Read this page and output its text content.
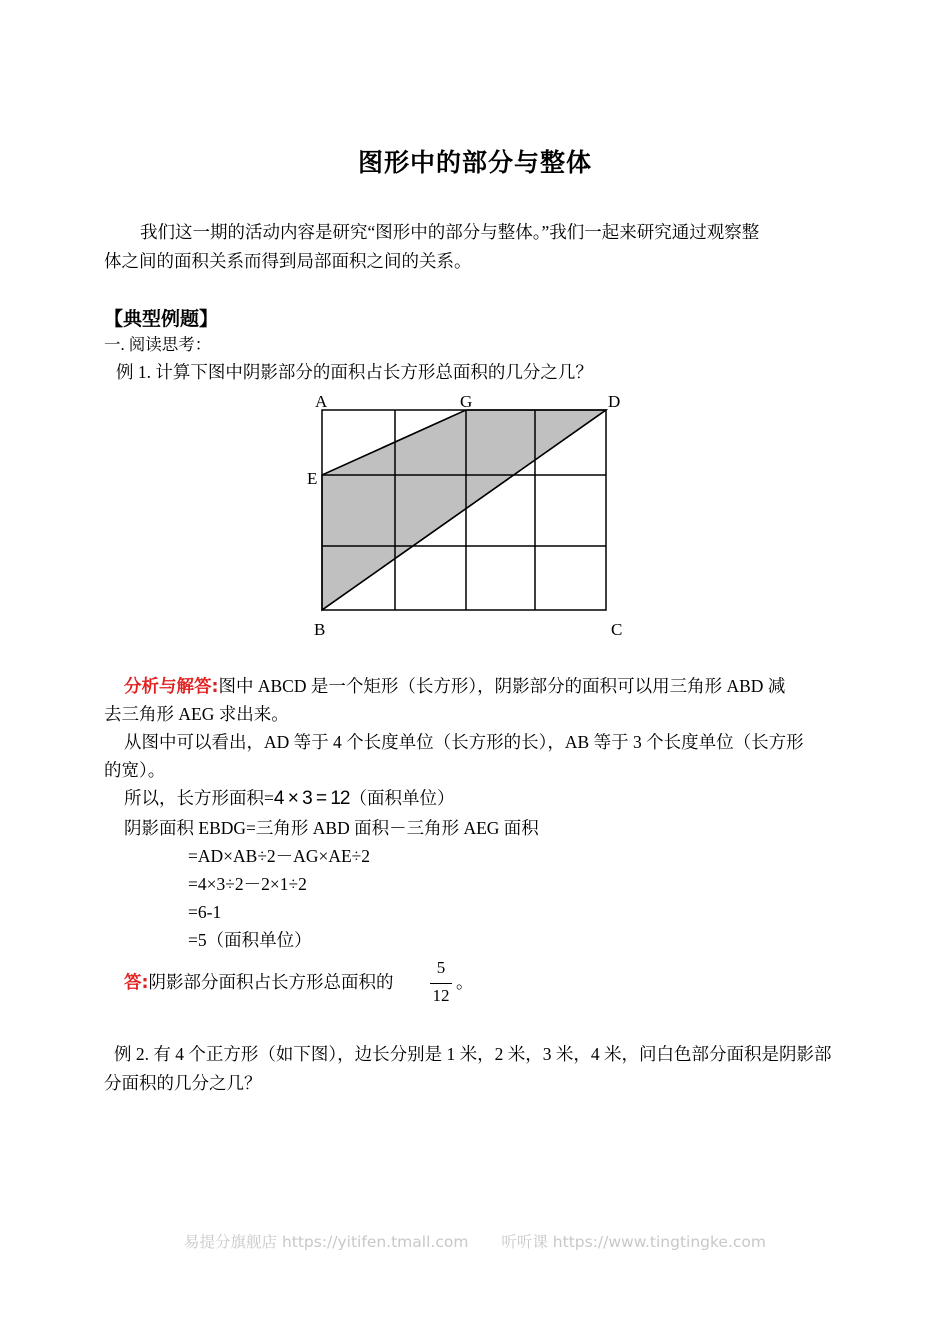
图形中的部分与整体
我们这一期的活动内容是研究“图形中的部分与整体。”我们一起来研究通过观察整
体之间的面积关系而得到局部面积之间的关系。
【典型例题】
一. 阅读思考：
例 1. 计算下图中阴影部分的面积占长方形总面积的几分之几？
A	G	D
E
B	C
分析与解答:图中 ABCD 是一个矩形（长方形），阴影部分的面积可以用三角形 ABD 减
去三角形 AEG 求出来。
从图中可以看出，AD 等于 4 个长度单位（长方形的长），AB 等于 3 个长度单位（长方形
的宽）。
所以，长方形面积=4 × 3 = 12（面积单位）
阴影面积 EBDG=三角形 ABD 面积－三角形 AEG 面积
=AD×AB÷2－AG×AE÷2
=4×3÷2－2×1÷2
=6-1
=5（面积单位）
答:阴影部分面积占长方形总面积的
5
12
。
例 2. 有 4 个正方形（如下图），边长分别是 1 米，2 米，3 米，4 米，问白色部分面积是阴影部
分面积的几分之几？
易提分旗舰店 https://yitifen.tmall.com 听听课 https://www.tingtingke.com
